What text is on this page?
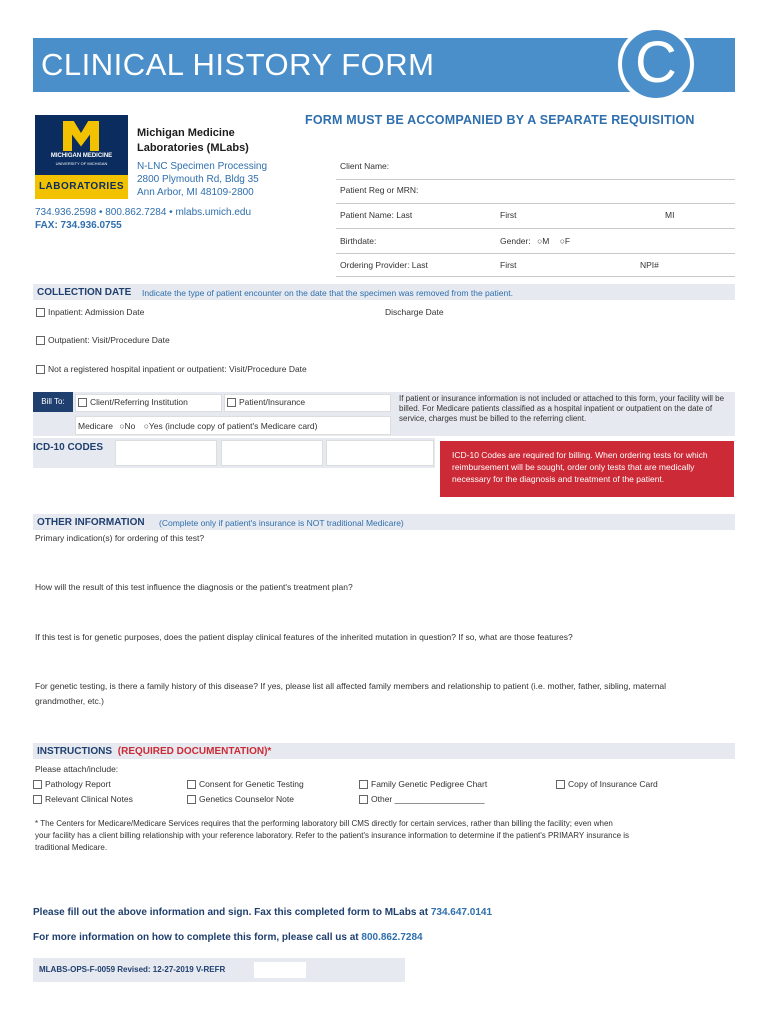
CLINICAL HISTORY FORM	C
FORM MUST BE ACCOMPANIED BY A SEPARATE REQUISITION
MICHIGAN MEDICINE
UNIVERSITY OF MICHIGAN
LABORATORIES
Michigan Medicine
Laboratories (MLabs)
N-LNC Specimen Processing
2800 Plymouth Rd, Bldg 35
Ann Arbor, MI 48109-2800
734.936.2598 • 800.862.7284 • mlabs.umich.edu
FAX: 734.936.0755
Client Name:
Patient Reg or MRN:
Patient Name: Last	First	MI
Birthdate:	Gender: ○M ○F
Ordering Provider: Last	First	NPI#
COLLECTION DATE Indicate the type of patient encounter on the date that the specimen was removed from the patient.
Inpatient: Admission Date	Discharge Date
Outpatient: Visit/Procedure Date
Not a registered hospital inpatient or outpatient: Visit/Procedure Date
Bill To:	Client/Referring Institution	Patient/Insurance
Medicare ○No ○Yes (include copy of patient's Medicare card)
If patient or insurance information is not included or attached to this form, your facility will be billed. For Medicare patients classified as a hospital inpatient or outpatient on the date of service, charges must be billed to the referring client.
ICD-10 CODES
ICD-10 Codes are required for billing. When ordering tests for which reimbursement will be sought, order only tests that are medically necessary for the diagnosis and treatment of the patient.
OTHER INFORMATION (Complete only if patient's insurance is NOT traditional Medicare)
Primary indication(s) for ordering of this test?
How will the result of this test influence the diagnosis or the patient's treatment plan?
If this test is for genetic purposes, does the patient display clinical features of the inherited mutation in question? If so, what are those features?
For genetic testing, is there a family history of this disease? If yes, please list all affected family members and relationship to patient (i.e. mother, father, sibling, maternal
grandmother, etc.)
INSTRUCTIONS (REQUIRED DOCUMENTATION)*
Please attach/include:
Pathology Report	Consent for Genetic Testing	Family Genetic Pedigree Chart	Copy of Insurance Card
Relevant Clinical Notes	Genetics Counselor Note	Other ___________________
* The Centers for Medicare/Medicare Services requires that the performing laboratory bill CMS directly for certain services, rather than billing the facility; even when
your facility has a client billing relationship with your reference laboratory. Refer to the patient's insurance information to determine if the patient's PRIMARY insurance is
traditional Medicare.
Please fill out the above information and sign. Fax this completed form to MLabs at 734.647.0141
For more information on how to complete this form, please call us at 800.862.7284
MLABS-OPS-F-0059 Revised: 12-27-2019 V-REFR
